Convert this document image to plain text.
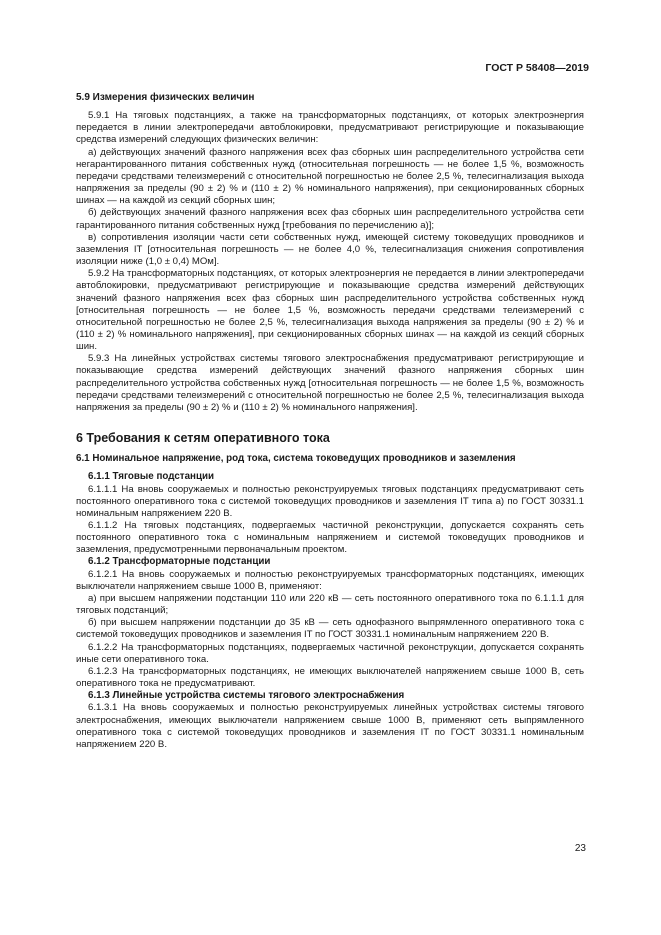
ГОСТ Р 58408—2019
5.9 Измерения физических величин

5.9.1 На тяговых подстанциях, а также на трансформаторных подстанциях, от которых электроэнергия передается в линии электропередачи автоблокировки, предусматривают регистрирующие и показывающие средства измерений следующих физических величин:

а) действующих значений фазного напряжения всех фаз сборных шин распределительного устройства сети негарантированного питания собственных нужд (относительная погрешность — не более 1,5 %, возможность передачи средствами телеизмерений с относительной погрешностью не более 2,5 %, телесигнализация выхода напряжения за пределы (90 ± 2) % и (110 ± 2) % номинального напряжения), при секционированных сборных шинах — на каждой из секций сборных шин;

б) действующих значений фазного напряжения всех фаз сборных шин распределительного устройства сети гарантированного питания собственных нужд [требования по перечислению а)];

в) сопротивления изоляции части сети собственных нужд, имеющей систему токоведущих проводников и заземления IT [относительная погрешность — не более 4,0 %, телесигнализация снижения сопротивления изоляции ниже (1,0 ± 0,4) МОм].

5.9.2 На трансформаторных подстанциях, от которых электроэнергия не передается в линии электропередачи автоблокировки, предусматривают регистрирующие и показывающие средства измерений действующих значений фазного напряжения всех фаз сборных шин распределительного устройства собственных нужд [относительная погрешность — не более 1,5 %, возможность передачи средствами телеизмерений с относительной погрешностью не более 2,5 %, телесигнализация выхода напряжения за пределы (90 ± 2) % и (110 ± 2) % номинального напряжения], при секционированных сборных шинах — на каждой из секций сборных шин.

5.9.3 На линейных устройствах системы тягового электроснабжения предусматривают регистрирующие и показывающие средства измерений действующих значений фазного напряжения сборных шин распределительного устройства собственных нужд [относительная погрешность — не более 1,5 %, возможность передачи средствами телеизмерений с относительной погрешностью не более 2,5 %, телесигнализация выхода напряжения за пределы (90 ± 2) % и (110 ± 2) % номинального напряжения].

6 Требования к сетям оперативного тока
6.1 Номинальное напряжение, род тока, система токоведущих проводников и заземления
6.1.1 Тяговые подстанции

6.1.1.1 На вновь сооружаемых и полностью реконструируемых тяговых подстанциях предусматривают сеть постоянного оперативного тока с системой токоведущих проводников и заземления IT типа а) по ГОСТ 30331.1 номинальным напряжением 220 В.

6.1.1.2 На тяговых подстанциях, подвергаемых частичной реконструкции, допускается сохранять сеть постоянного оперативного тока с номинальным напряжением и системой токоведущих проводников и заземления, предусмотренными первоначальным проектом.

6.1.2 Трансформаторные подстанции

6.1.2.1 На вновь сооружаемых и полностью реконструируемых трансформаторных подстанциях, имеющих выключатели напряжением свыше 1000 В, применяют:

а) при высшем напряжении подстанции 110 или 220 кВ — сеть постоянного оперативного тока по 6.1.1.1 для тяговых подстанций;

б) при высшем напряжении подстанции до 35 кВ — сеть однофазного выпрямленного оперативного тока с системой токоведущих проводников и заземления IT по ГОСТ 30331.1 номинальным напряжением 220 В.

6.1.2.2 На трансформаторных подстанциях, подвергаемых частичной реконструкции, допускается сохранять иные сети оперативного тока.

6.1.2.3 На трансформаторных подстанциях, не имеющих выключателей напряжением свыше 1000 В, сеть оперативного тока не предусматривают.

6.1.3 Линейные устройства системы тягового электроснабжения

6.1.3.1 На вновь сооружаемых и полностью реконструируемых линейных устройствах системы тягового электроснабжения, имеющих выключатели напряжением свыше 1000 В, применяют сеть выпрямленного оперативного тока с системой токоведущих проводников и заземления IT по ГОСТ 30331.1 номинальным напряжением 220 В.

23
